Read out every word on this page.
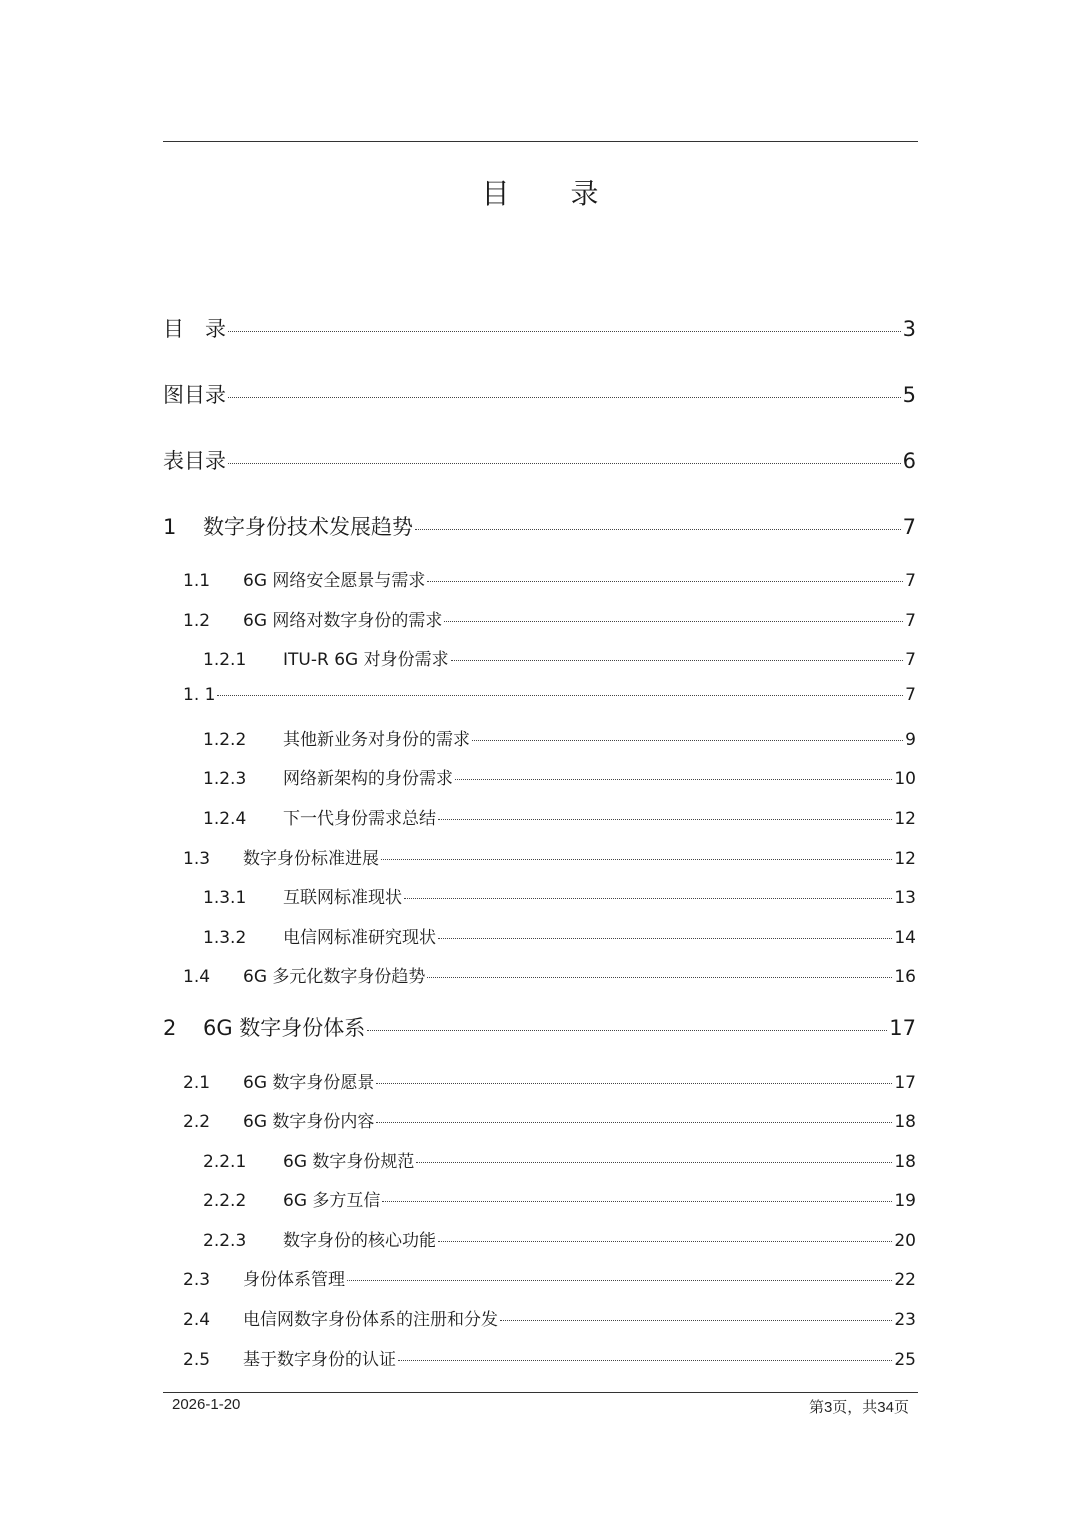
目 录
目　录	3
图目录	5
表目录	6
1	数字身份技术发展趋势	7
1.1	6G 网络安全愿景与需求	7
1.2	6G 网络对数字身份的需求	7
1.2.1	ITU-R 6G 对身份需求	7
1. 1	7
1.2.2	其他新业务对身份的需求	9
1.2.3	网络新架构的身份需求	10
1.2.4	下一代身份需求总结	12
1.3	数字身份标准进展	12
1.3.1	互联网标准现状	13
1.3.2	电信网标准研究现状	14
1.4	6G 多元化数字身份趋势	16
2	6G 数字身份体系	17
2.1	6G 数字身份愿景	17
2.2	6G 数字身份内容	18
2.2.1	6G 数字身份规范	18
2.2.2	6G 多方互信	19
2.2.3	数字身份的核心功能	20
2.3	身份体系管理	22
2.4	电信网数字身份体系的注册和分发	23
2.5	基于数字身份的认证	25
2026-1-20	第3页，共34页
